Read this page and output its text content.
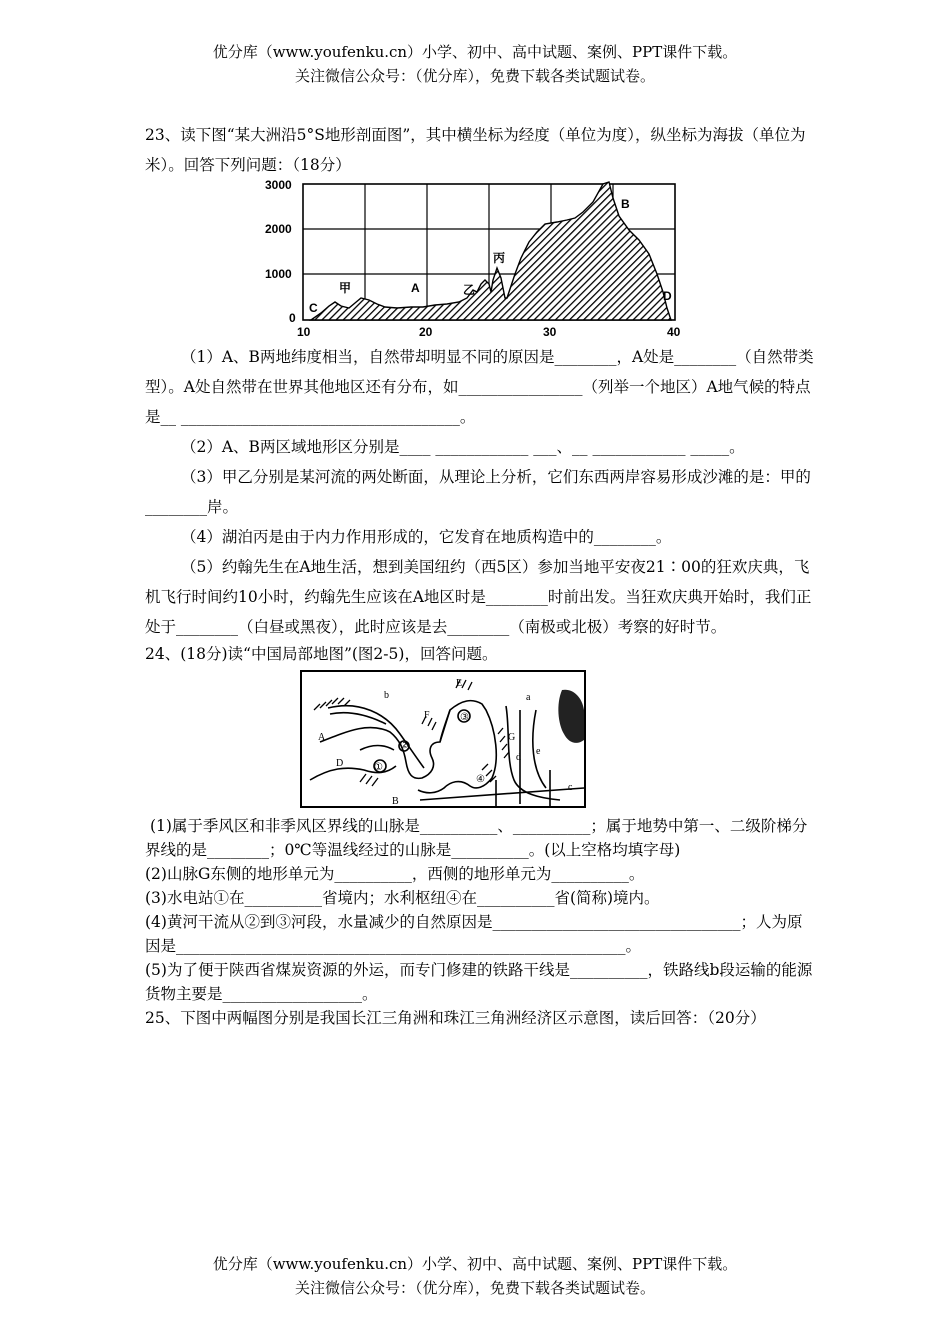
优分库（www.youfenku.cn）小学、初中、高中试题、案例、PPT课件下载。
关注微信公众号：（优分库），免费下载各类试题试卷。

23、读下图“某大洲沿5°S地形剖面图”，其中横坐标为经度（单位为度），纵坐标为海拔（单位为米）。回答下列问题：（18分）

3000
2000
1000
0
10	20	30	40
C
甲	A	乙
丙
B
D

（1）A、B两地纬度相当，自然带却明显不同的原因是________，A处是________（自然带类型）。A处自然带在世界其他地区还有分布，如________________（列举一个地区）A地气候的特点是__ ____________________________________。

（2）A、B两区域地形区分别是____ ____________ ___、__ ____________ _____。

（3）甲乙分别是某河流的两处断面，从理论上分析，它们东西两岸容易形成沙滩的是：甲的________岸。

（4）湖泊丙是由于内力作用形成的，它发育在地质构造中的________。

（5）约翰先生在A地生活，想到美国纽约（西5区）参加当地平安夜21∶00的狂欢庆典，飞机飞行时间约10小时，约翰先生应该在A地区时是________时前出发。当狂欢庆典开始时，我们正处于________（白昼或黑夜），此时应该是去________（南极或北极）考察的好时节。

24、(18分)读“中国局部地图”(图2-5)，回答问题。

b
E
F
a
A
D
G
d
e
B
c
①
②
③
④

(1)属于季风区和非季风区界线的山脉是__________、__________；属于地势中第一、二级阶梯分界线的是________；0℃等温线经过的山脉是__________。(以上空格均填字母)

(2)山脉G东侧的地形单元为__________，西侧的地形单元为__________。

(3)水电站①在__________省境内；水利枢纽④在__________省(简称)境内。

(4)黄河干流从②到③河段，水量减少的自然原因是________________________________；人为原因是__________________________________________________________。

(5)为了便于陕西省煤炭资源的外运，而专门修建的铁路干线是__________，铁路线b段运输的能源货物主要是__________________。

25、下图中两幅图分别是我国长江三角洲和珠江三角洲经济区示意图，读后回答：（20分）

优分库（www.youfenku.cn）小学、初中、高中试题、案例、PPT课件下载。
关注微信公众号：（优分库），免费下载各类试题试卷。
